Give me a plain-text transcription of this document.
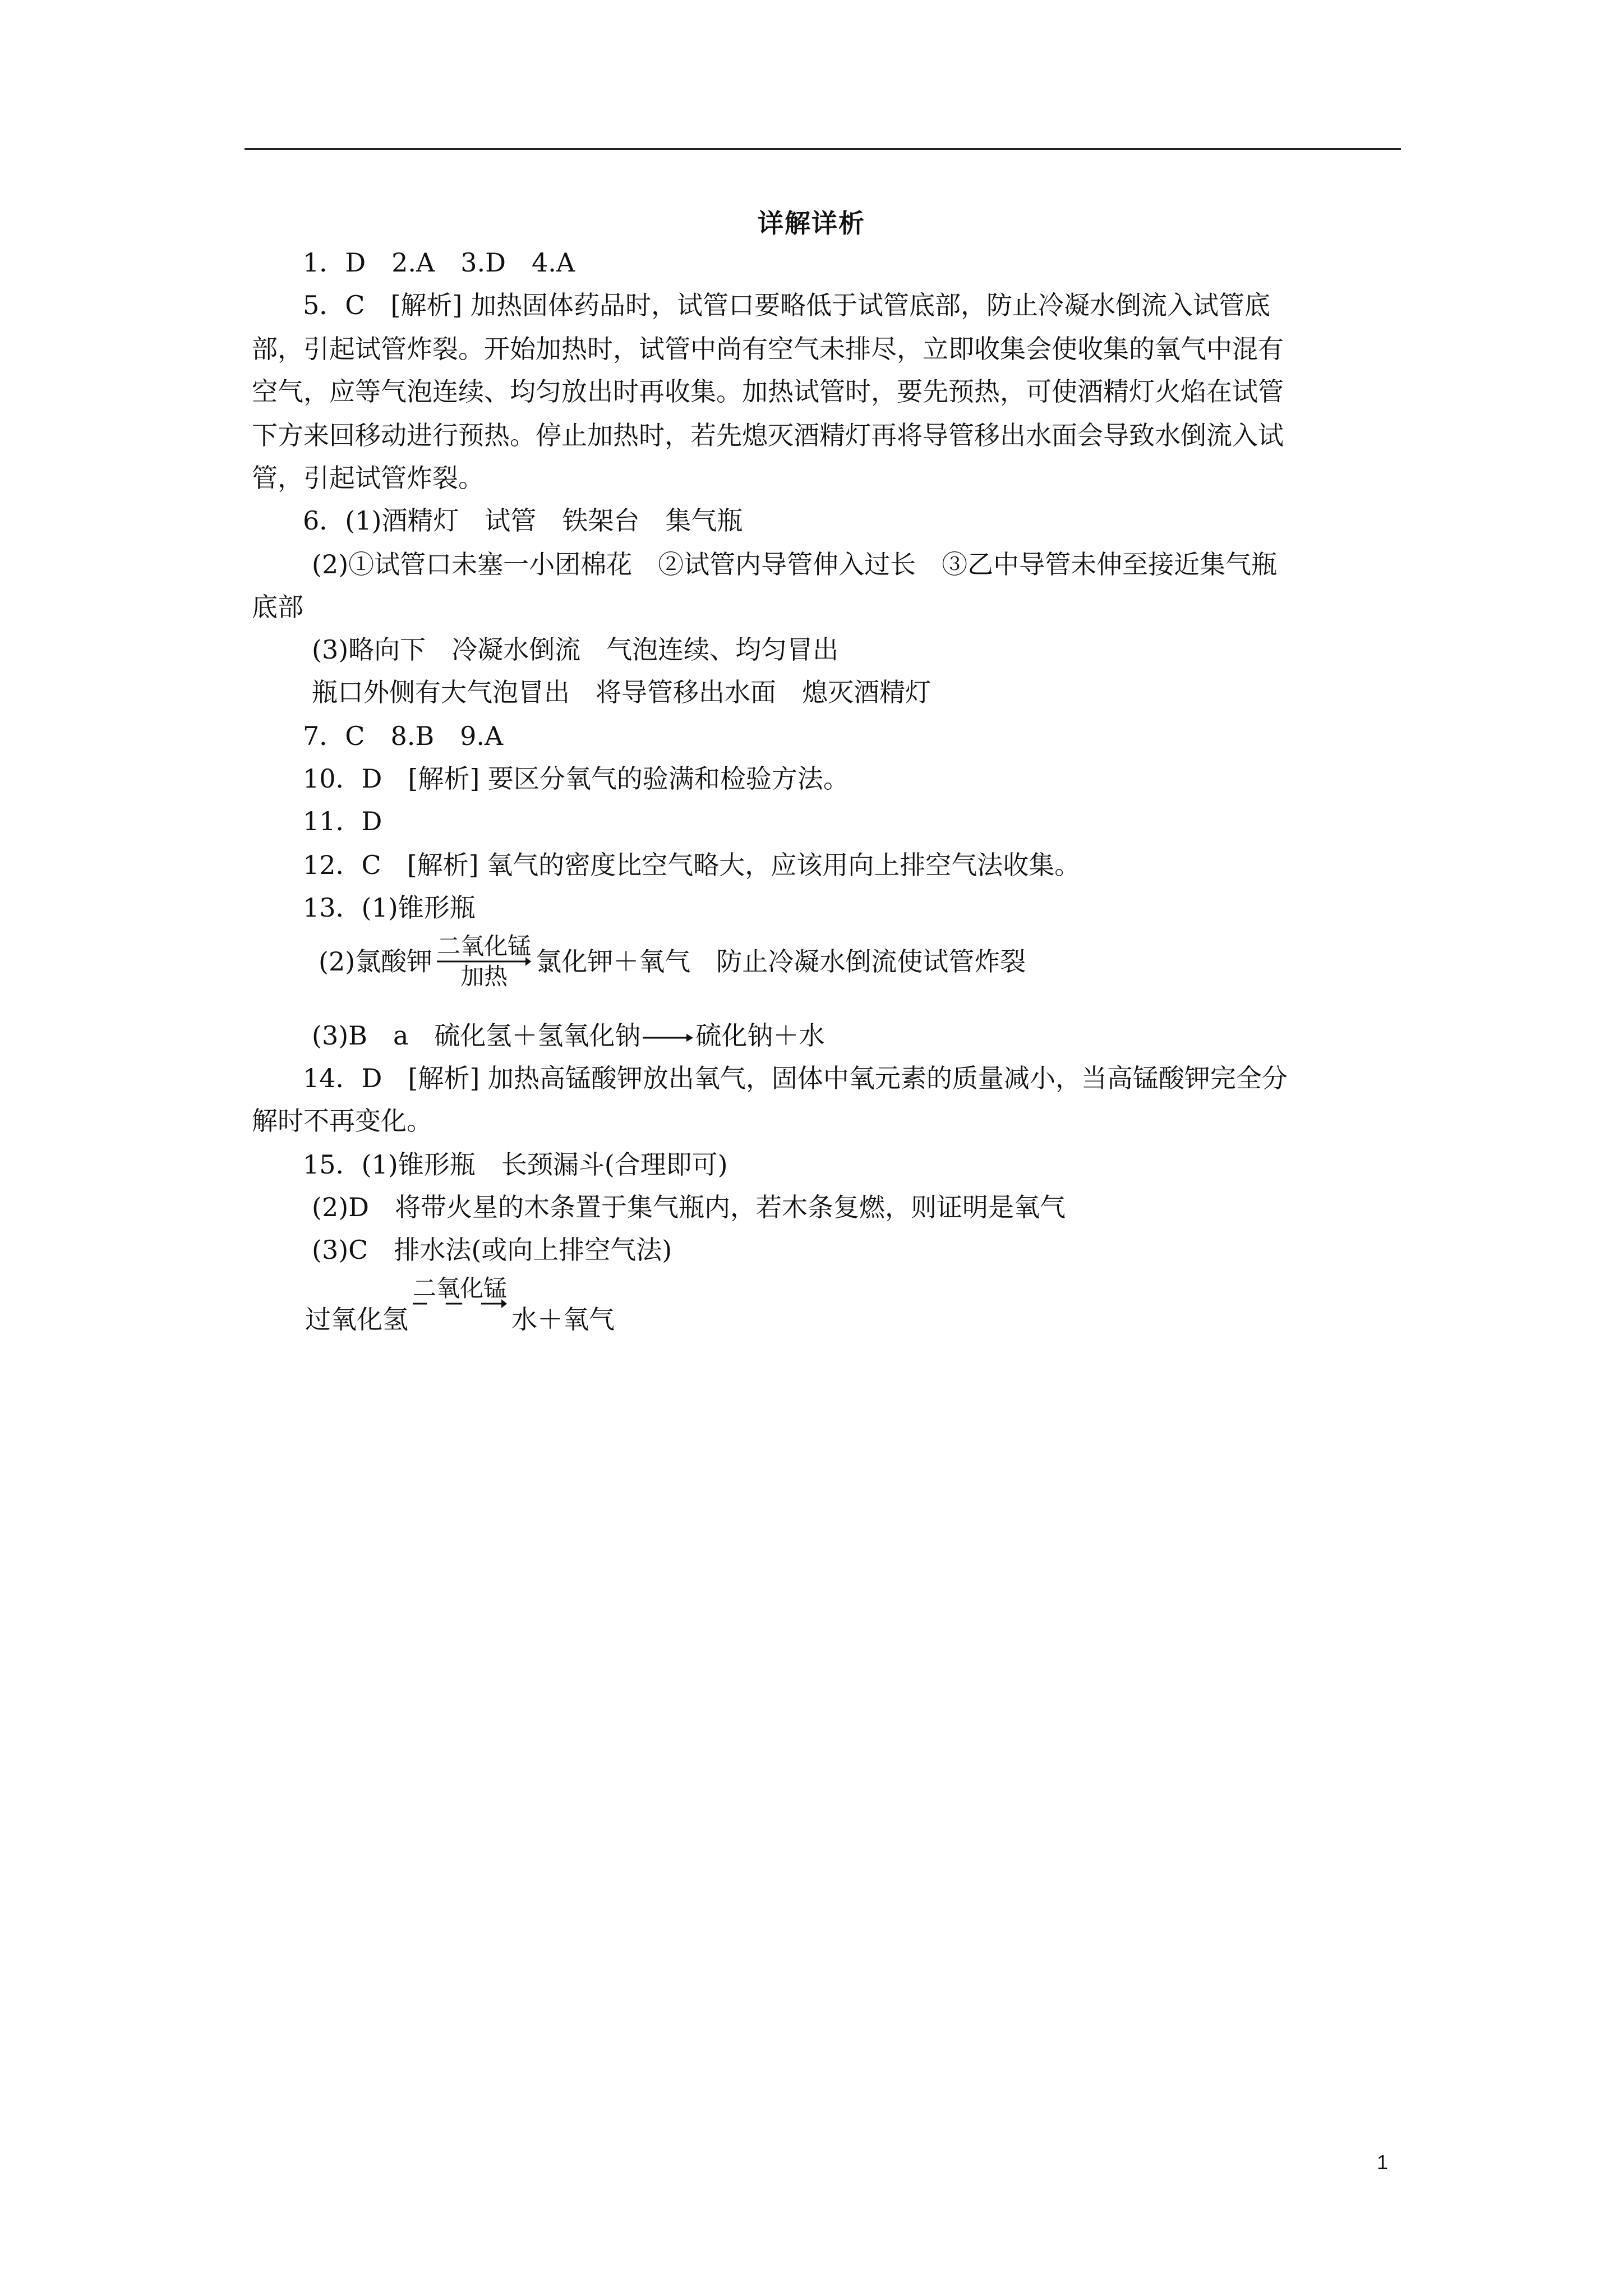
详解详析
1．D　2.A　3.D　4.A
5．C　[解析] 加热固体药品时，试管口要略低于试管底部，防止冷凝水倒流入试管底
部，引起试管炸裂。开始加热时，试管中尚有空气未排尽，立即收集会使收集的氧气中混有
空气，应等气泡连续、均匀放出时再收集。加热试管时，要先预热，可使酒精灯火焰在试管
下方来回移动进行预热。停止加热时，若先熄灭酒精灯再将导管移出水面会导致水倒流入试
管，引起试管炸裂。
6．(1)酒精灯　试管　铁架台　集气瓶
(2)①试管口未塞一小团棉花　②试管内导管伸入过长　③乙中导管未伸至接近集气瓶
底部
(3)略向下　冷凝水倒流　气泡连续、均匀冒出
瓶口外侧有大气泡冒出　将导管移出水面　熄灭酒精灯
7．C　8.B　9.A
10．D　[解析] 要区分氧气的验满和检验方法。
11．D
12．C　[解析] 氧气的密度比空气略大，应该用向上排空气法收集。
13．(1)锥形瓶
(2)氯酸钾
二氧化锰
加热 氯化钾＋氧气　防止冷凝水倒流使试管炸裂
(3)B　a　硫化氢＋氢氧化钠 硫化钠＋水
14．D　[解析] 加热高锰酸钾放出氧气，固体中氧元素的质量减小，当高锰酸钾完全分
解时不再变化。
15．(1)锥形瓶　长颈漏斗(合理即可)
(2)D　将带火星的木条置于集气瓶内，若木条复燃，则证明是氧气
(3)C　排水法(或向上排空气法)
过氧化氢
二氧化锰
水＋氧气
1
